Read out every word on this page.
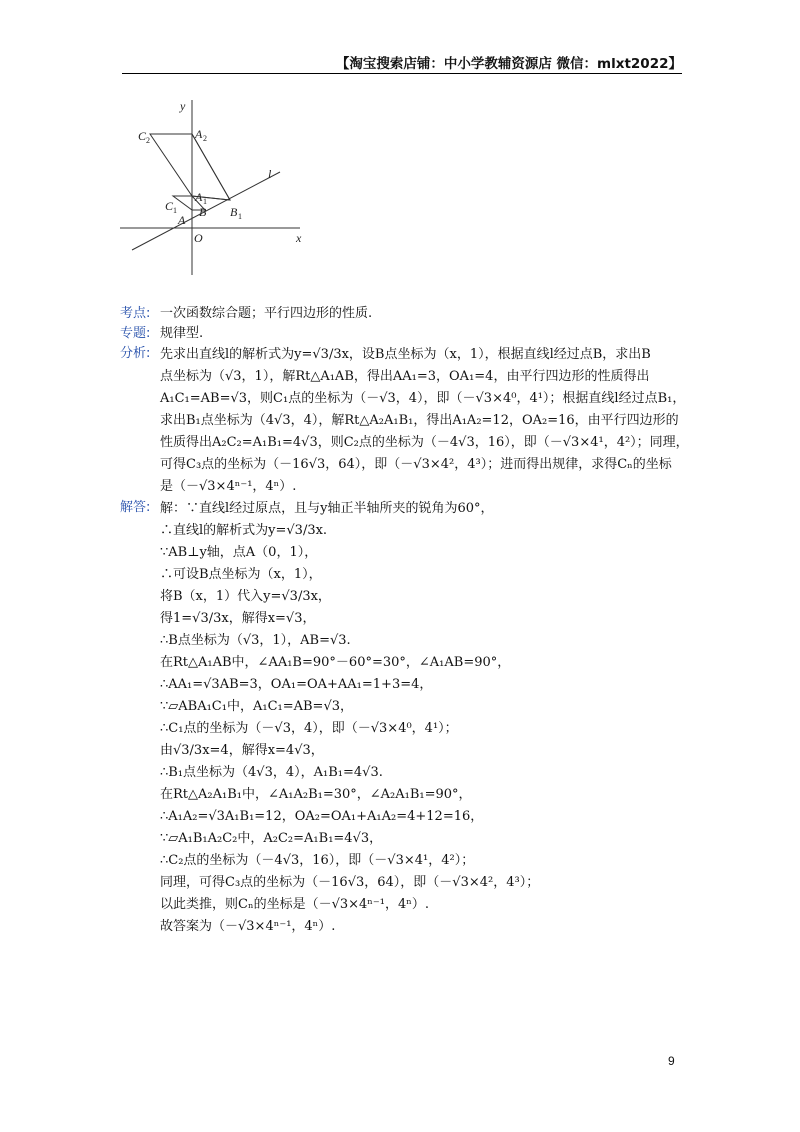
【淘宝搜索店铺：中小学教辅资源店 微信：mlxt2022】
y
x
l
O
C 2	A 2
A 1
C 1 B B 1
A
考点: 一次函数综合题；平行四边形的性质.
专题: 规律型.
分析: 先求出直线l的解析式为y=√3/3x，设B点坐标为（x，1），根据直线l经过点B，求出B
点坐标为（√3，1），解Rt△A₁AB，得出AA₁=3，OA₁=4，由平行四边形的性质得出
A₁C₁=AB=√3，则C₁点的坐标为（－√3，4），即（－√3×4⁰，4¹）；根据直线l经过点B₁，
求出B₁点坐标为（4√3，4），解Rt△A₂A₁B₁，得出A₁A₂=12，OA₂=16，由平行四边形的
性质得出A₂C₂=A₁B₁=4√3，则C₂点的坐标为（－4√3，16），即（－√3×4¹，4²）；同理，
可得C₃点的坐标为（－16√3，64），即（－√3×4²，4³）；进而得出规律，求得Cₙ的坐标
是（－√3×4ⁿ⁻¹，4ⁿ）.
解答: 解：∵直线l经过原点，且与y轴正半轴所夹的锐角为60°，
∴直线l的解析式为y=√3/3x.
∵AB⊥y轴，点A（0，1），
∴可设B点坐标为（x，1），
将B（x，1）代入y=√3/3x，
得1=√3/3x，解得x=√3，
∴B点坐标为（√3，1），AB=√3.
在Rt△A₁AB中，∠AA₁B=90°－60°=30°，∠A₁AB=90°，
∴AA₁=√3AB=3，OA₁=OA+AA₁=1+3=4，
∵▱ABA₁C₁中，A₁C₁=AB=√3，
∴C₁点的坐标为（－√3，4），即（－√3×4⁰，4¹）；
由√3/3x=4，解得x=4√3，
∴B₁点坐标为（4√3，4），A₁B₁=4√3.
在Rt△A₂A₁B₁中，∠A₁A₂B₁=30°，∠A₂A₁B₁=90°，
∴A₁A₂=√3A₁B₁=12，OA₂=OA₁+A₁A₂=4+12=16，
∵▱A₁B₁A₂C₂中，A₂C₂=A₁B₁=4√3，
∴C₂点的坐标为（－4√3，16），即（－√3×4¹，4²）；
同理，可得C₃点的坐标为（－16√3，64），即（－√3×4²，4³）；
以此类推，则Cₙ的坐标是（－√3×4ⁿ⁻¹，4ⁿ）.
故答案为（－√3×4ⁿ⁻¹，4ⁿ）.
9
